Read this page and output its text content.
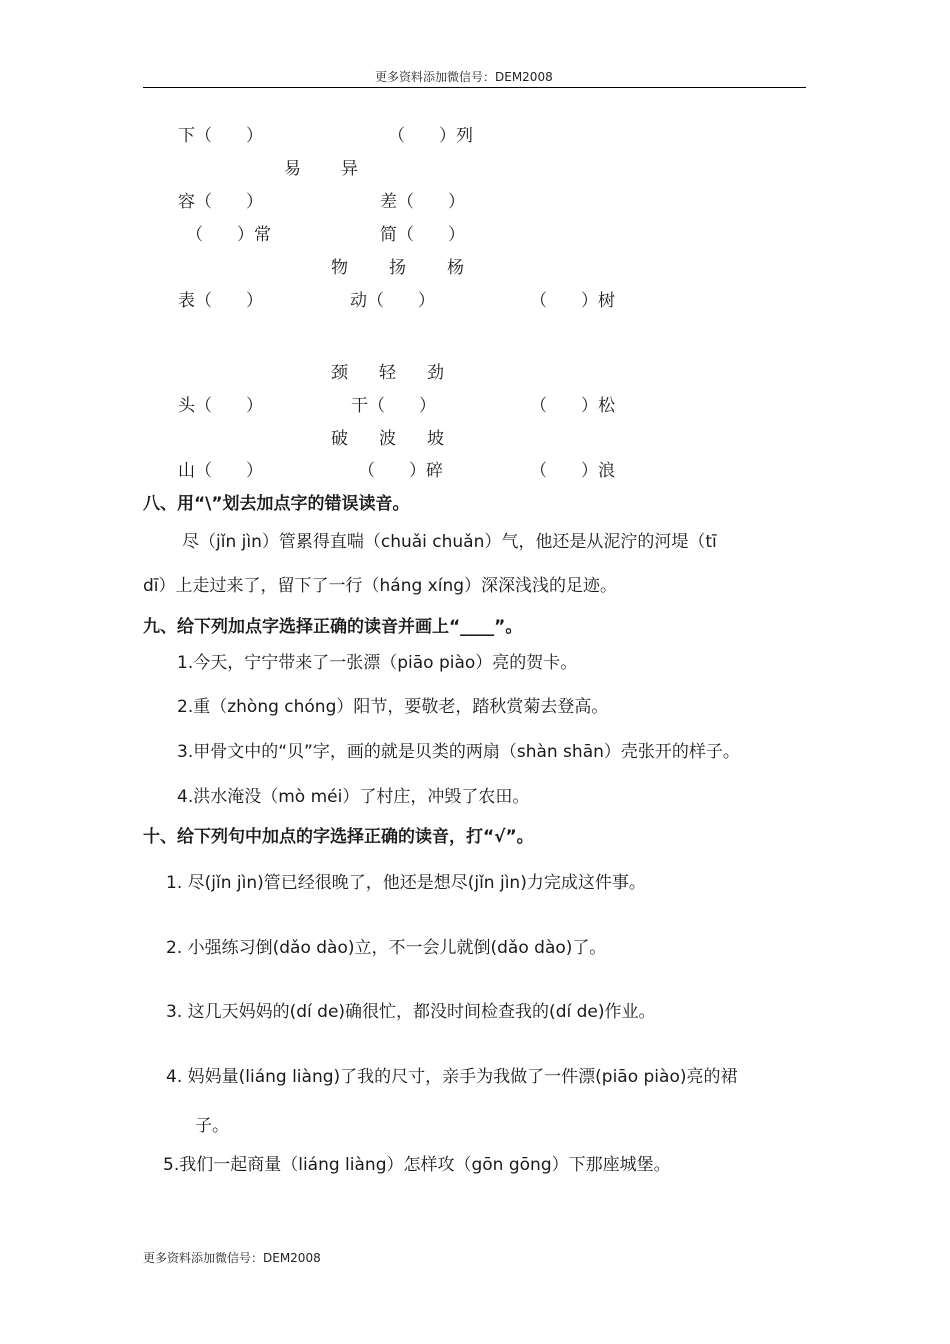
更多资料添加微信号：DEM2008
下（　　）	（　　）列
易 异
容（　　）	差（　　）
（　　）常	简（　　）
物 扬 杨
表（　　）	动（　　）	（　　）树
颈 轻 劲
头（　　）	干（　　）	（　　）松
破 波 坡
山（　　）	（　　）碎	（　　）浪
八、用“\”划去加点字的错误读音。
尽（jǐn jìn）管累得直喘（chuǎi chuǎn）气，他还是从泥泞的河堤（tī
dī）上走过来了，留下了一行（háng xíng）深深浅浅的足迹。
九、给下列加点字选择正确的读音并画上“____”。
1.今天，宁宁带来了一张漂（piāo piào）亮的贺卡。
2.重（zhòng chóng）阳节，要敬老，踏秋赏菊去登高。
3.甲骨文中的“贝”字，画的就是贝类的两扇（shàn shān）壳张开的样子。
4.洪水淹没（mò méi）了村庄，冲毁了农田。
十、给下列句中加点的字选择正确的读音，打“√”。
1. 尽(jǐn jìn)管已经很晚了，他还是想尽(jǐn jìn)力完成这件事。
2. 小强练习倒(dǎo dào)立，不一会儿就倒(dǎo dào)了。
3. 这几天妈妈的(dí de)确很忙，都没时间检查我的(dí de)作业。
4. 妈妈量(liáng liàng)了我的尺寸，亲手为我做了一件漂(piāo piào)亮的裙
子。
5.我们一起商量（liáng liàng）怎样攻（gōn gōng）下那座城堡。
更多资料添加微信号：DEM2008
